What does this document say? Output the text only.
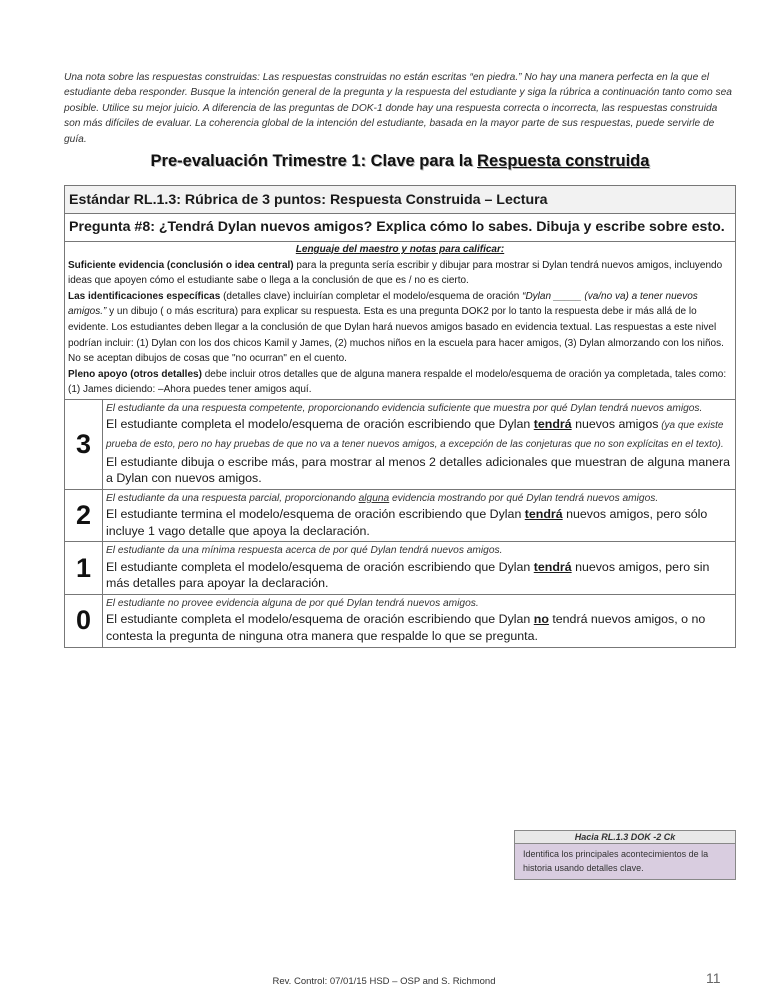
Una nota sobre las respuestas construidas: Las respuestas construidas no están escritas “en piedra.” No hay una manera perfecta en la que el estudiante deba responder. Busque la intención general de la pregunta y la respuesta del estudiante y siga la rúbrica a continuación tanto como sea posible. Utilice su mejor juicio. A diferencia de las preguntas de DOK-1 donde hay una respuesta correcta o incorrecta, las respuestas construida son más difíciles de evaluar. La coherencia global de la intención del estudiante, basada en la mayor parte de sus respuestas, puede servirle de guía.
Pre-evaluación Trimestre 1: Clave para la Respuesta construida
Estándar RL.1.3: Rúbrica de 3 puntos: Respuesta Construida – Lectura	
Pregunta #8: ¿Tendrá Dylan nuevos amigos? Explica cómo lo sabes. Dibuja y escribe sobre esto.	

Lenguaje del maestro y notas para calificar:
Suficiente evidencia (conclusión o idea central) para la pregunta sería escribir y dibujar para mostrar si Dylan tendrá nuevos amigos, incluyendo ideas que apoyen cómo el estudiante sabe o llega a la conclusión de que es / no es cierto.
Las identificaciones específicas (detalles clave) incluirían completar el modelo/esquema de oración “Dylan _____ (va/no va) a tener nuevos amigos.” y un dibujo ( o más escritura) para explicar su respuesta. Esta es una pregunta DOK2 por lo tanto la respuesta debe ir más allá de lo evidente. Los estudiantes deben llegar a la conclusión de que Dylan hará nuevos amigos basado en evidencia textual. Las respuestas a este nivel podrían incluir: (1) Dylan con los dos chicos Kamil y James, (2) muchos niños en la escuela para hacer amigos, (3) Dylan almorzando con los niños. No se aceptan dibujos de cosas que "no ocurran" en el cuento.
Pleno apoyo (otros detalles) debe incluir otros detalles que de alguna manera respalde el modelo/esquema de oración ya completada, tales como: (1) James diciendo: –Ahora puedes tener amigos aquí.	

3	El estudiante da una respuesta competente, proporcionando evidencia suficiente que muestra por qué Dylan tendrá nuevos amigos.
El estudiante completa el modelo/esquema de oración escribiendo que Dylan tendrá nuevos amigos (ya que existe prueba de esto, pero no hay pruebas de que no va a tener nuevos amigos, a excepción de las conjeturas que no son explícitas en el texto).
El estudiante dibuja o escribe más, para mostrar al menos 2 detalles adicionales que muestran de alguna manera a Dylan con nuevos amigos.

2	El estudiante da una respuesta parcial, proporcionando alguna evidencia mostrando por qué Dylan tendrá nuevos amigos.
El estudiante termina el modelo/esquema de oración escribiendo que Dylan tendrá nuevos amigos, pero sólo incluye 1 vago detalle que apoya la declaración.

1	El estudiante da una mínima respuesta acerca de por qué Dylan tendrá nuevos amigos.
El estudiante completa el modelo/esquema de oración escribiendo que Dylan tendrá nuevos amigos, pero sin más detalles para apoyar la declaración.

0	El estudiante no provee evidencia alguna de por qué Dylan tendrá nuevos amigos.
El estudiante completa el modelo/esquema de oración escribiendo que Dylan no tendrá nuevos amigos, o no contesta la pregunta de ninguna otra manera que respalde lo que se pregunta.
Hacia RL.1.3 DOK -2 Ck
Identifica los principales acontecimientos de la historia usando detalles clave.
Rev. Control: 07/01/15 HSD – OSP and S. Richmond	11
